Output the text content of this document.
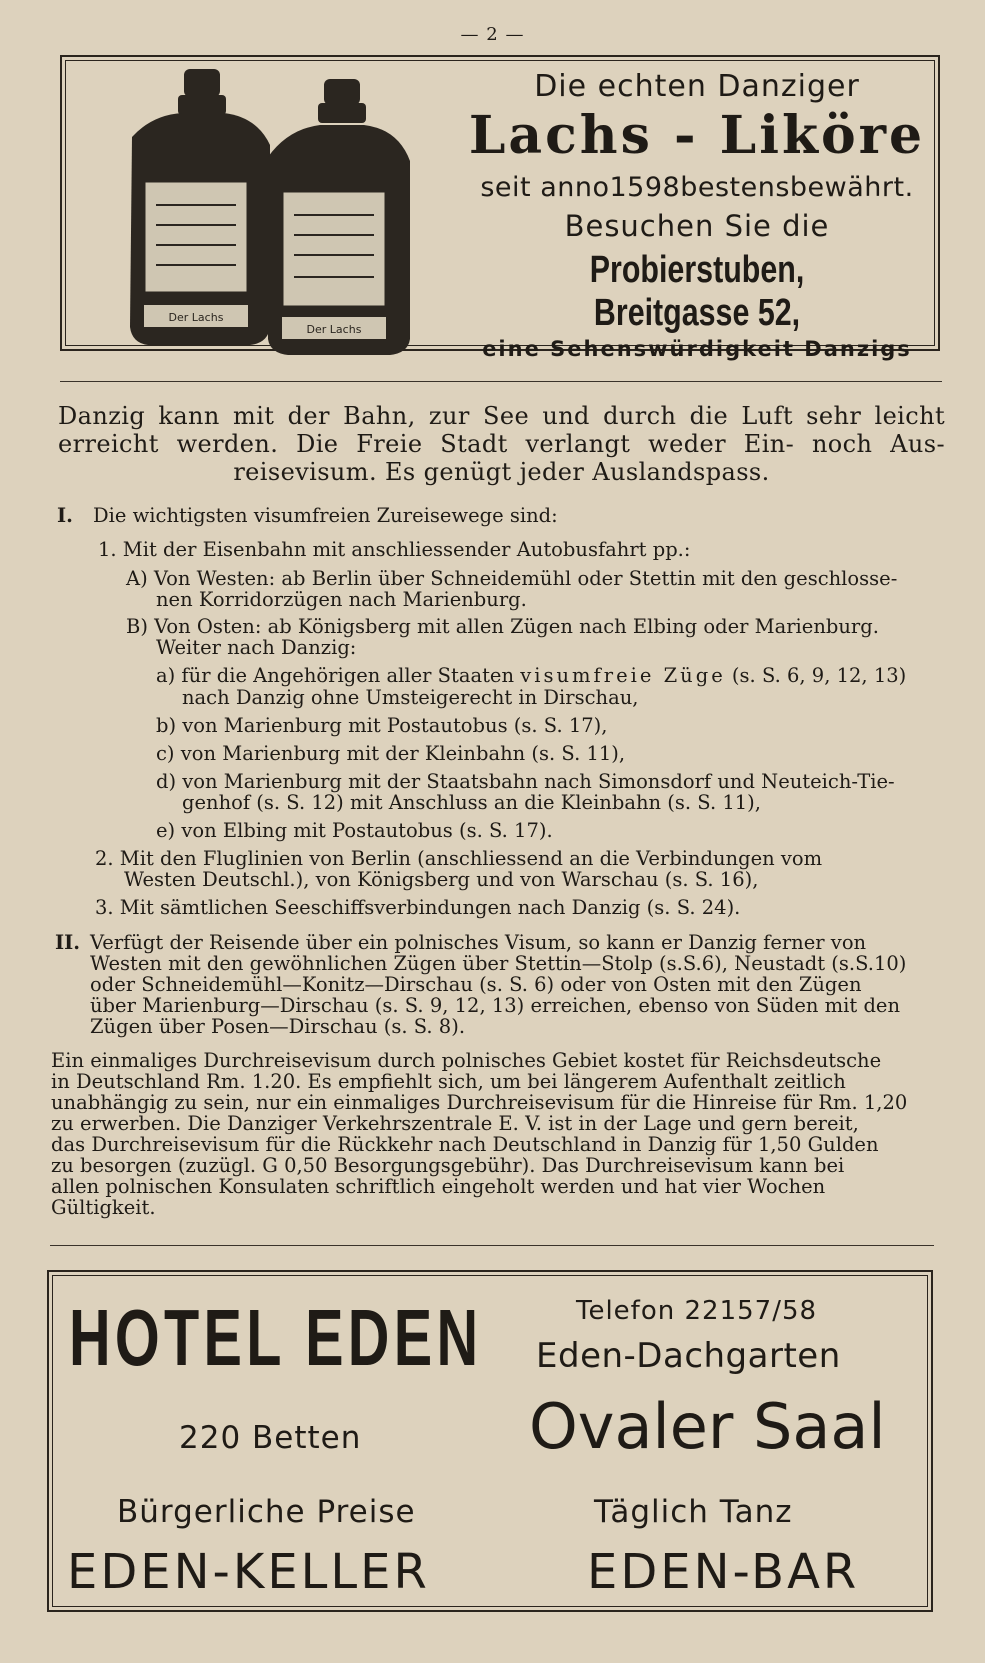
— 2 —
Der Lachs
Der Lachs
Die echten Danziger
Lachs - Liköre
seit anno1598bestensbewährt.
Besuchen Sie die
Probierstuben, Breitgasse 52,
eine Sehenswürdigkeit Danzigs
Danzig kann mit der Bahn, zur See und durch die Luft sehr leicht
erreicht werden. Die Freie Stadt verlangt weder Ein- noch Aus-
reisevisum. Es genügt jeder Auslandspass.
I. Die wichtigsten visumfreien Zureisewege sind:
1. Mit der Eisenbahn mit anschliessender Autobusfahrt pp.:
A) Von Westen: ab Berlin über Schneidemühl oder Stettin mit den geschlosse-
nen Korridorzügen nach Marienburg.
B) Von Osten: ab Königsberg mit allen Zügen nach Elbing oder Marienburg.
Weiter nach Danzig:
a) für die Angehörigen aller Staaten visumfreie Züge (s. S. 6, 9, 12, 13)
nach Danzig ohne Umsteigerecht in Dirschau,
b) von Marienburg mit Postautobus (s. S. 17),
c) von Marienburg mit der Kleinbahn (s. S. 11),
d) von Marienburg mit der Staatsbahn nach Simonsdorf und Neuteich-Tie-
genhof (s. S. 12) mit Anschluss an die Kleinbahn (s. S. 11),
e) von Elbing mit Postautobus (s. S. 17).
2. Mit den Fluglinien von Berlin (anschliessend an die Verbindungen vom
Westen Deutschl.), von Königsberg und von Warschau (s. S. 16),
3. Mit sämtlichen Seeschiffsverbindungen nach Danzig (s. S. 24).
II. Verfügt der Reisende über ein polnisches Visum, so kann er Danzig ferner von
Westen mit den gewöhnlichen Zügen über Stettin—Stolp (s.S.6), Neustadt (s.S.10)
oder Schneidemühl—Konitz—Dirschau (s. S. 6) oder von Osten mit den Zügen
über Marienburg—Dirschau (s. S. 9, 12, 13) erreichen, ebenso von Süden mit den
Zügen über Posen—Dirschau (s. S. 8).
Ein einmaliges Durchreisevisum durch polnisches Gebiet kostet für Reichsdeutsche
in Deutschland Rm. 1.20. Es empfiehlt sich, um bei längerem Aufenthalt zeitlich
unabhängig zu sein, nur ein einmaliges Durchreisevisum für die Hinreise für Rm. 1,20
zu erwerben. Die Danziger Verkehrszentrale E. V. ist in der Lage und gern bereit,
das Durchreisevisum für die Rückkehr nach Deutschland in Danzig für 1,50 Gulden
zu besorgen (zuzügl. G 0,50 Besorgungsgebühr). Das Durchreisevisum kann bei
allen polnischen Konsulaten schriftlich eingeholt werden und hat vier Wochen
Gültigkeit.
HOTEL EDEN	Telefon 22157/58
Eden-Dachgarten
220 Betten	Ovaler Saal
Bürgerliche Preise	Täglich Tanz
EDEN-KELLER	EDEN-BAR
